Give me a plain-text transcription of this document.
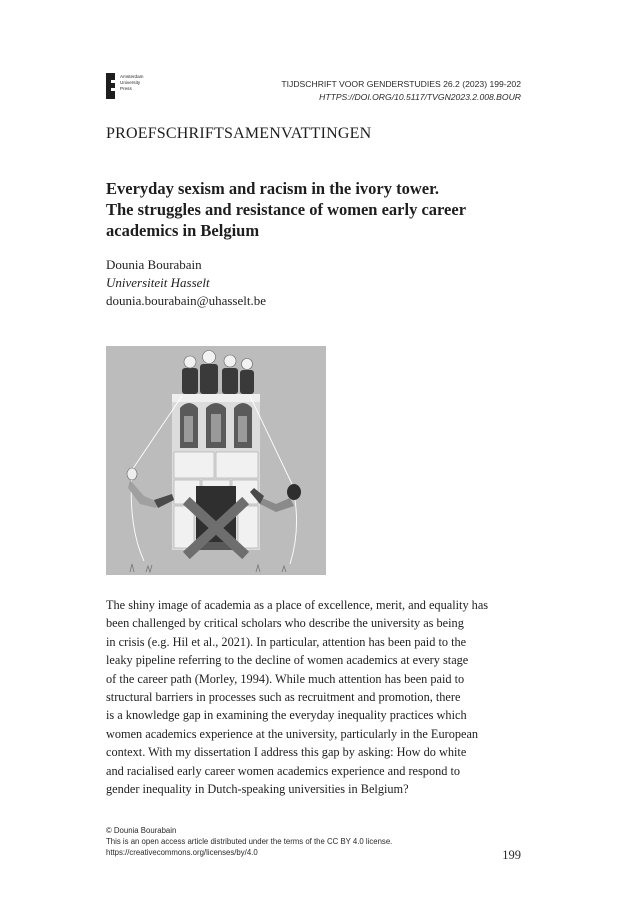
Amsterdam
University
Press	TIJDSCHRIFT VOOR GENDERSTUDIES 26.2 (2023) 199-202
HTTPS://DOI.ORG/10.5117/TVGN2023.2.008.BOUR
PROEFSCHRIFTSAMENVATTINGEN
Everyday sexism and racism in the ivory tower.
The struggles and resistance of women early career
academics in Belgium
Dounia Bourabain
Universiteit Hasselt
dounia.bourabain@uhasselt.be
The shiny image of academia as a place of excellence, merit, and equality has
been challenged by critical scholars who describe the university as being
in crisis (e.g. Hil et al., 2021). In particular, attention has been paid to the
leaky pipeline referring to the decline of women academics at every stage
of the career path (Morley, 1994). While much attention has been paid to
structural barriers in processes such as recruitment and promotion, there
is a knowledge gap in examining the everyday inequality practices which
women academics experience at the university, particularly in the European
context. With my dissertation I address this gap by asking: How do white
and racialised early career women academics experience and respond to
gender inequality in Dutch-speaking universities in Belgium?
© Dounia Bourabain
This is an open access article distributed under the terms of the CC BY 4.0 license.
https://creativecommons.org/licenses/by/4.0	199
